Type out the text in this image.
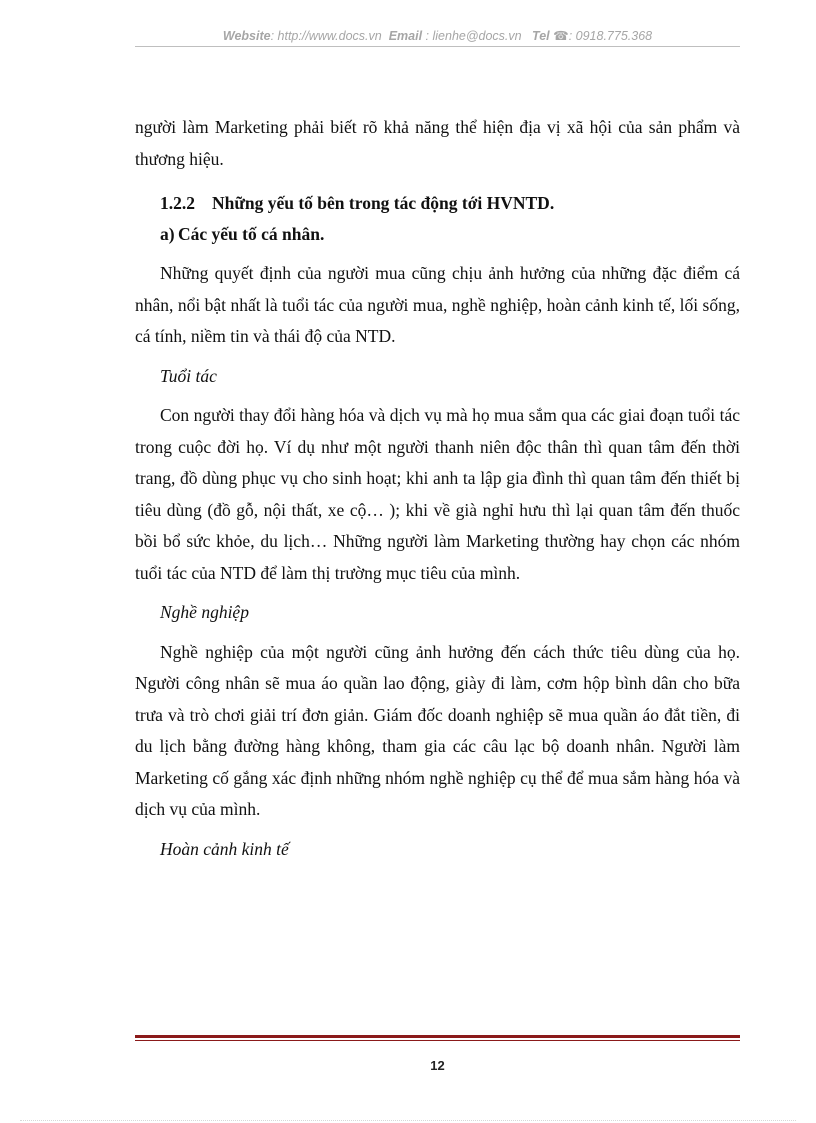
Website: http://www.docs.vn Email : lienhe@docs.vn Tel ☎: 0918.775.368

người làm Marketing phải biết rõ khả năng thể hiện địa vị xã hội của sản phẩm và thương hiệu.

1.2.2 Những yếu tố bên trong tác động tới HVNTD.
a) Các yếu tố cá nhân.

Những quyết định của người mua cũng chịu ảnh hưởng của những đặc điểm cá nhân, nổi bật nhất là tuổi tác của người mua, nghề nghiệp, hoàn cảnh kinh tế, lối sống, cá tính, niềm tin và thái độ của NTD.

Tuổi tác

Con người thay đổi hàng hóa và dịch vụ mà họ mua sắm qua các giai đoạn tuổi tác trong cuộc đời họ. Ví dụ như một người thanh niên độc thân thì quan tâm đến thời trang, đồ dùng phục vụ cho sinh hoạt; khi anh ta lập gia đình thì quan tâm đến thiết bị tiêu dùng (đồ gỗ, nội thất, xe cộ… ); khi về già nghỉ hưu thì lại quan tâm đến thuốc bồi bổ sức khỏe, du lịch… Những người làm Marketing thường hay chọn các nhóm tuổi tác của NTD để làm thị trường mục tiêu của mình.

Nghề nghiệp

Nghề nghiệp của một người cũng ảnh hưởng đến cách thức tiêu dùng của họ. Người công nhân sẽ mua áo quần lao động, giày đi làm, cơm hộp bình dân cho bữa trưa và trò chơi giải trí đơn giản. Giám đốc doanh nghiệp sẽ mua quần áo đắt tiền, đi du lịch bằng đường hàng không, tham gia các câu lạc bộ doanh nhân. Người làm Marketing cố gắng xác định những nhóm nghề nghiệp cụ thể để mua sắm hàng hóa và dịch vụ của mình.

Hoàn cảnh kinh tế

12
